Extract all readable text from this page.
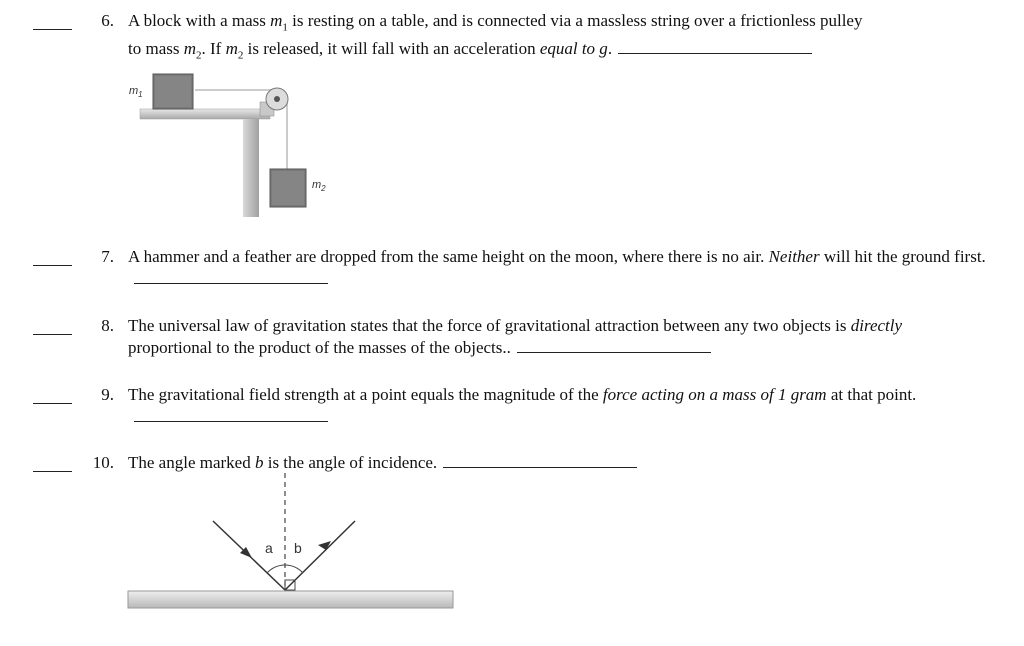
6. A block with a mass $m_1$ is resting on a table, and is connected via a massless string over a frictionless pulley
to mass $m_2$. If $m_2$ is released, it will fall with an acceleration equal to g.

$m_1$
$m_2$
7. A hammer and a feather are dropped from the same height on the moon, where there is no air. Neither will hit the ground first.

8. The universal law of gravitation states that the force of gravitational attraction between any two objects is directly proportional to the product of the masses of the objects..

9. The gravitational field strength at a point equals the magnitude of the force acting on a mass of 1 gram at that point.

10. The angle marked b is the angle of incidence.

a b
